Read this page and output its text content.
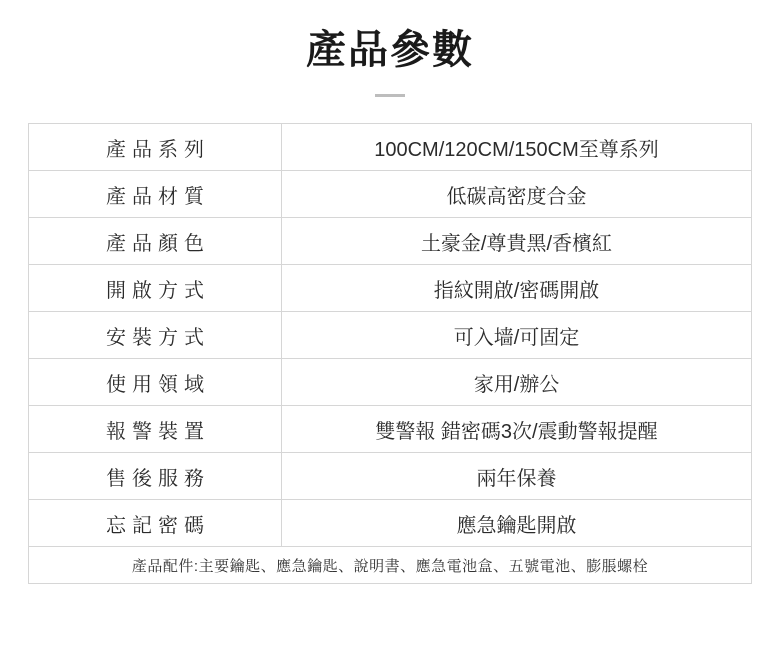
產品參數
產品系列	100CM/120CM/150CM至尊系列
產品材質	低碳高密度合金
產品顏色	土豪金/尊貴黑/香檳紅
開啟方式	指紋開啟/密碼開啟
安裝方式	可入墙/可固定
使用領域	家用/辦公
報警裝置	雙警報 錯密碼3次/震動警報提醒
售後服務	兩年保養
忘記密碼	應急鑰匙開啟
產品配件:主要鑰匙、應急鑰匙、說明書、應急電池盒、五號電池、膨脹螺栓	
